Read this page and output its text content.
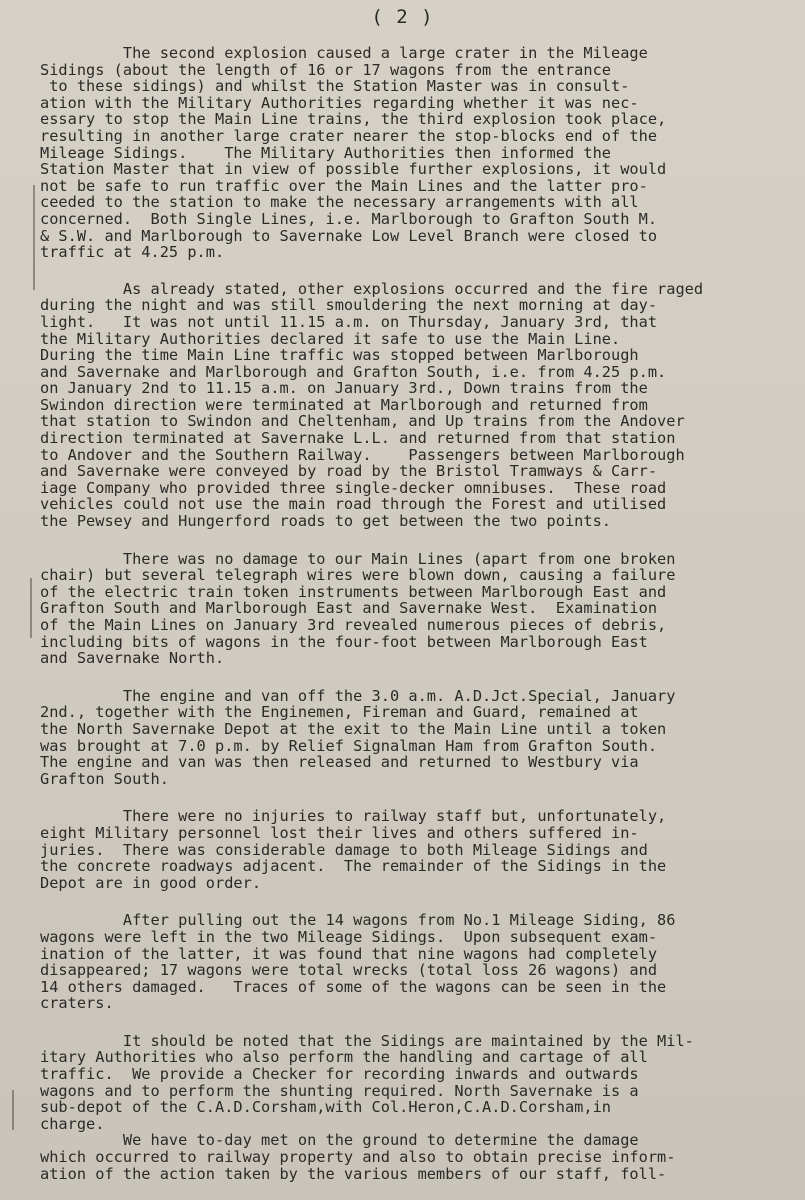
( 2 )

The second explosion caused a large crater in the Mileage
Sidings (about the length of 16 or 17 wagons from the entrance
to these sidings) and whilst the Station Master was in consult-
ation with the Military Authorities regarding whether it was nec-
essary to stop the Main Line trains, the third explosion took place,
resulting in another large crater nearer the stop-blocks end of the
Mileage Sidings.    The Military Authorities then informed the
Station Master that in view of possible further explosions, it would
not be safe to run traffic over the Main Lines and the latter pro-
ceeded to the station to make the necessary arrangements with all
concerned.  Both Single Lines, i.e. Marlborough to Grafton South M.
& S.W. and Marlborough to Savernake Low Level Branch were closed to
traffic at 4.25 p.m.

As already stated, other explosions occurred and the fire raged
during the night and was still smouldering the next morning at day-
light.   It was not until 11.15 a.m. on Thursday, January 3rd, that
the Military Authorities declared it safe to use the Main Line.
During the time Main Line traffic was stopped between Marlborough
and Savernake and Marlborough and Grafton South, i.e. from 4.25 p.m.
on January 2nd to 11.15 a.m. on January 3rd., Down trains from the
Swindon direction were terminated at Marlborough and returned from
that station to Swindon and Cheltenham, and Up trains from the Andover
direction terminated at Savernake L.L. and returned from that station
to Andover and the Southern Railway.    Passengers between Marlborough
and Savernake were conveyed by road by the Bristol Tramways & Carr-
iage Company who provided three single-decker omnibuses.  These road
vehicles could not use the main road through the Forest and utilised
the Pewsey and Hungerford roads to get between the two points.

There was no damage to our Main Lines (apart from one broken
chair) but several telegraph wires were blown down, causing a failure
of the electric train token instruments between Marlborough East and
Grafton South and Marlborough East and Savernake West.  Examination
of the Main Lines on January 3rd revealed numerous pieces of debris,
including bits of wagons in the four-foot between Marlborough East
and Savernake North.

The engine and van off the 3.0 a.m. A.D.Jct.Special, January
2nd., together with the Enginemen, Fireman and Guard, remained at
the North Savernake Depot at the exit to the Main Line until a token
was brought at 7.0 p.m. by Relief Signalman Ham from Grafton South.
The engine and van was then released and returned to Westbury via
Grafton South.

There were no injuries to railway staff but, unfortunately,
eight Military personnel lost their lives and others suffered in-
juries.  There was considerable damage to both Mileage Sidings and
the concrete roadways adjacent.  The remainder of the Sidings in the
Depot are in good order.

After pulling out the 14 wagons from No.1 Mileage Siding, 86
wagons were left in the two Mileage Sidings.  Upon subsequent exam-
ination of the latter, it was found that nine wagons had completely
disappeared; 17 wagons were total wrecks (total loss 26 wagons) and
14 others damaged.   Traces of some of the wagons can be seen in the
craters.

It should be noted that the Sidings are maintained by the Mil-
itary Authorities who also perform the handling and cartage of all
traffic.  We provide a Checker for recording inwards and outwards
wagons and to perform the shunting required. North Savernake is a
sub-depot of the C.A.D.Corsham,with Col.Heron,C.A.D.Corsham,in
charge.

We have to-day met on the ground to determine the damage
which occurred to railway property and also to obtain precise inform-
ation of the action taken by the various members of our staff, foll-
